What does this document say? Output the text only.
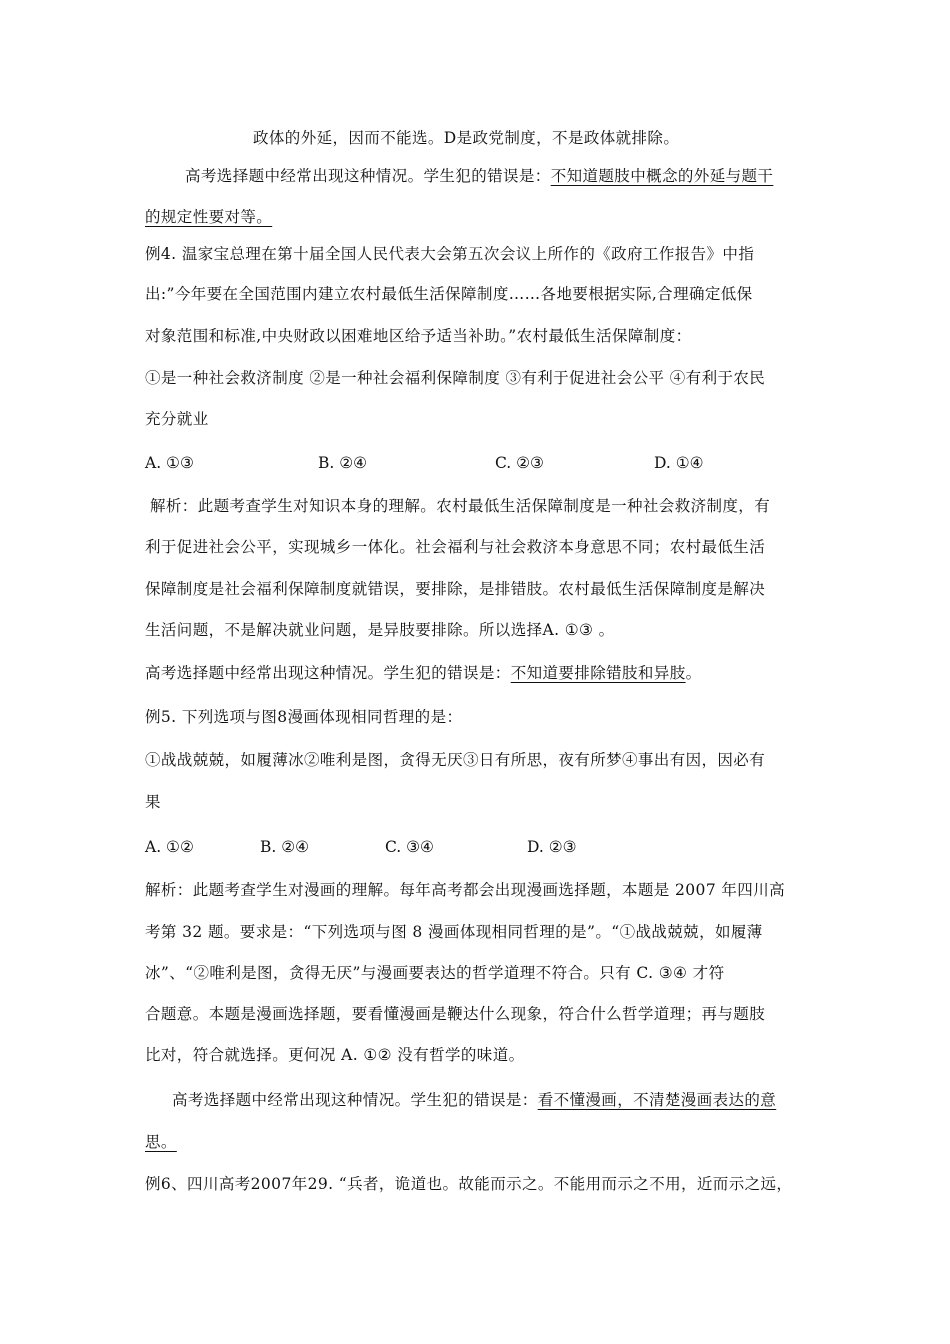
政体的外延，因而不能选。D是政党制度，不是政体就排除。
高考选择题中经常出现这种情况。学生犯的错误是：不知道题肢中概念的外延与题干
的规定性要对等。
例4. 温家宝总理在第十届全国人民代表大会第五次会议上所作的《政府工作报告》中指
出:”今年要在全国范围内建立农村最低生活保障制度……各地要根据实际,合理确定低保
对象范围和标准,中央财政以困难地区给予适当补助。”农村最低生活保障制度：
①是一种社会救济制度 ②是一种社会福利保障制度 ③有利于促进社会公平 ④有利于农民
充分就业
A. ①③	B. ②④	C. ②③	D. ①④
解析：此题考查学生对知识本身的理解。农村最低生活保障制度是一种社会救济制度，有
利于促进社会公平，实现城乡一体化。社会福利与社会救济本身意思不同；农村最低生活
保障制度是社会福利保障制度就错误，要排除，是排错肢。农村最低生活保障制度是解决
生活问题，不是解决就业问题，是异肢要排除。所以选择A. ①③ 。
高考选择题中经常出现这种情况。学生犯的错误是：不知道要排除错肢和异肢。
例5. 下列选项与图8漫画体现相同哲理的是：
①战战兢兢，如履薄冰②唯利是图，贪得无厌③日有所思，夜有所梦④事出有因，因必有
果
A. ①②	B. ②④	C. ③④	D. ②③
解析：此题考查学生对漫画的理解。每年高考都会出现漫画选择题，本题是 2007 年四川高
考第 32 题。要求是：“下列选项与图 8 漫画体现相同哲理的是”。“①战战兢兢，如履薄
冰”、“②唯利是图，贪得无厌”与漫画要表达的哲学道理不符合。只有 C. ③④ 才符
合题意。本题是漫画选择题，要看懂漫画是鞭达什么现象，符合什么哲学道理；再与题肢
比对，符合就选择。更何况 A. ①② 没有哲学的味道。
高考选择题中经常出现这种情况。学生犯的错误是：看不懂漫画，不清楚漫画表达的意
思。
例6、四川高考2007年29. “兵者，诡道也。故能而示之。不能用而示之不用，近而示之远，
